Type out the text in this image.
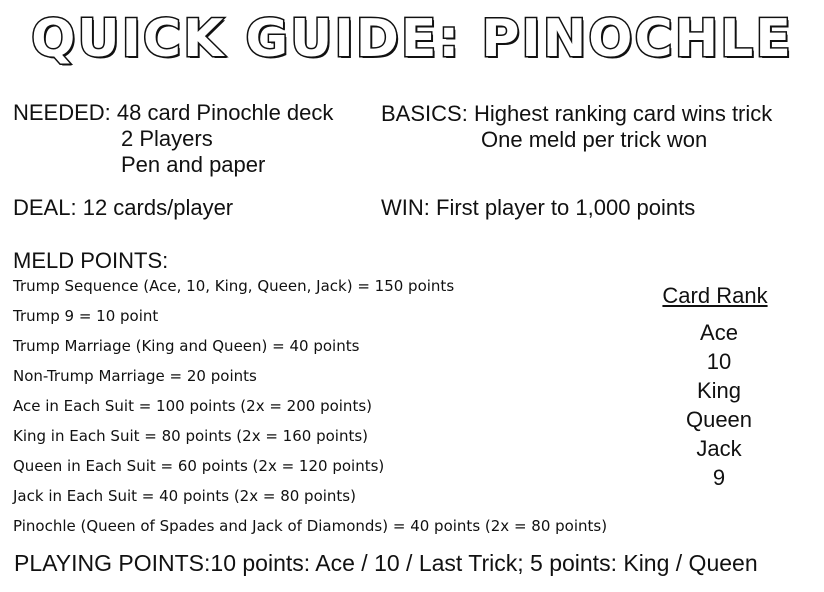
QUICK GUIDE: PINOCHLE
NEEDED: 48 card Pinochle deck
2 Players
Pen and paper
BASICS: Highest ranking card wins trick
One meld per trick won
DEAL: 12 cards/player	WIN: First player to 1,000 points
MELD POINTS:
Trump Sequence (Ace, 10, King, Queen, Jack) = 150 points
Trump 9 = 10 point
Trump Marriage (King and Queen) = 40 points
Non-Trump Marriage = 20 points
Ace in Each Suit = 100 points (2x = 200 points)
King in Each Suit = 80 points (2x = 160 points)
Queen in Each Suit = 60 points (2x = 120 points)
Jack in Each Suit = 40 points (2x = 80 points)
Pinochle (Queen of Spades and Jack of Diamonds) = 40 points (2x = 80 points)
Card Rank
Ace
10
King
Queen
Jack
9
PLAYING POINTS:10 points: Ace / 10 / Last Trick; 5 points: King / Queen
